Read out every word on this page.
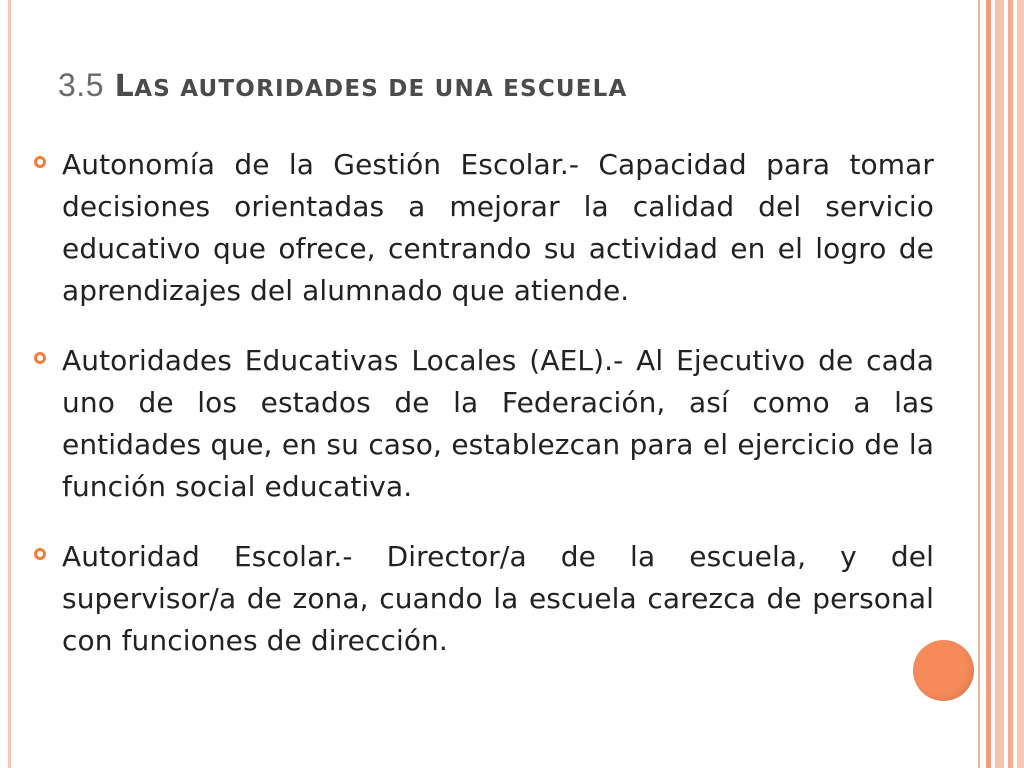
3.5 LAS AUTORIDADES DE UNA ESCUELA
Autonomía de la Gestión Escolar.- Capacidad para tomar decisiones orientadas a mejorar la calidad del servicio educativo que ofrece, centrando su actividad en el logro de aprendizajes del alumnado que atiende.
Autoridades Educativas Locales (AEL).- Al Ejecutivo de cada uno de los estados de la Federación, así como a las entidades que, en su caso, establezcan para el ejercicio de la función social educativa.
Autoridad Escolar.- Director/a de la escuela, y del supervisor/a de zona, cuando la escuela carezca de personal con funciones de dirección.
